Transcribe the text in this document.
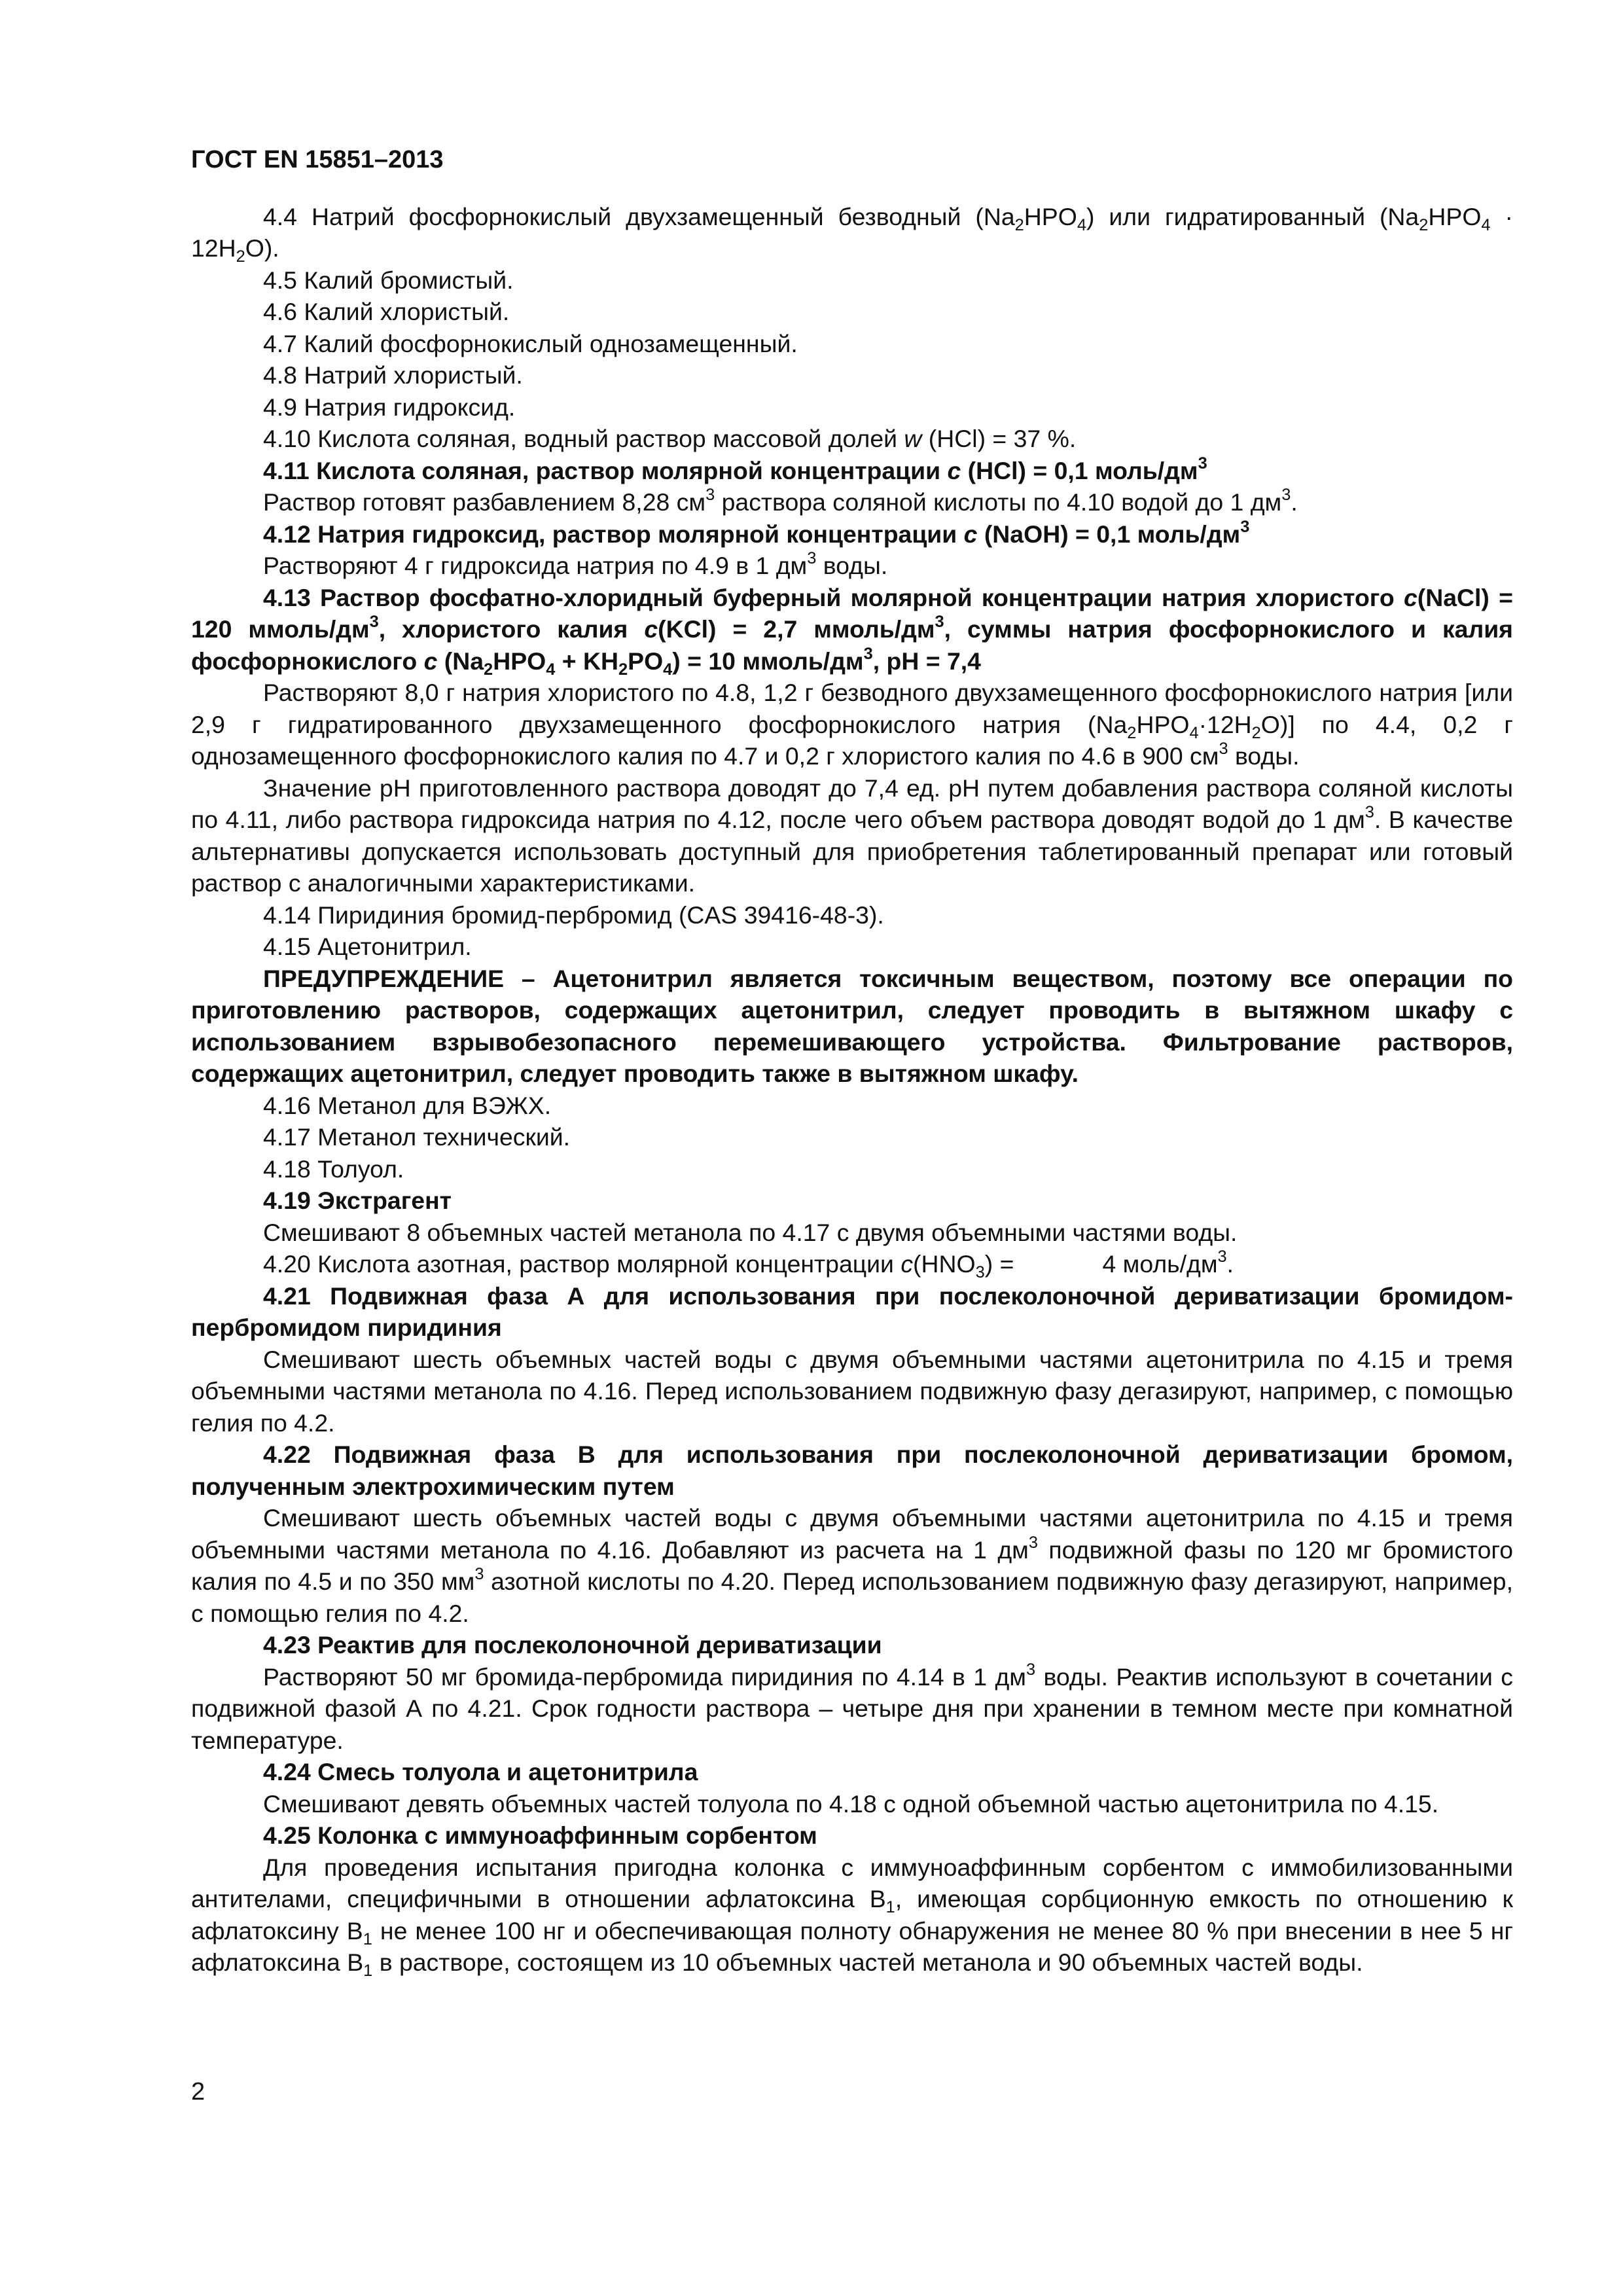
ГОСТ EN 15851–2013

4.4 Натрий фосфорнокислый двухзамещенный безводный $(Na_2HPO_4)$ или гидратированный $(Na_2HPO_4 \cdot 12H_2O)$.

4.5 Калий бромистый.

4.6 Калий хлористый.

4.7 Калий фосфорнокислый однозамещенный.

4.8 Натрий хлористый.

4.9 Натрия гидроксид.

4.10 Кислота соляная, водный раствор массовой долей w (HCl) = 37 %.

4.11 Кислота соляная, раствор молярной концентрации c (HCl) = 0,1 моль/$дм^3$

Раствор готовят разбавлением 8,28 $см^3$ раствора соляной кислоты по 4.10 водой до 1 $дм^3$.

4.12 Натрия гидроксид, раствор молярной концентрации c (NaOH) = 0,1 моль/$дм^3$

Растворяют 4 г гидроксида натрия по 4.9 в 1 $дм^3$ воды.

4.13 Раствор фосфатно-хлоридный буферный молярной концентрации натрия хлористого c(NaCl) = 120 ммоль/$дм^3$, хлористого калия c(KCl) = 2,7 ммоль/$дм^3$, суммы натрия фосфорнокислого и калия фосфорнокислого c $(Na_2HPO_4 + KH_2PO_4) = 10$ ммоль/$дм^3$, pH = 7,4

Растворяют 8,0 г натрия хлористого по 4.8, 1,2 г безводного двухзамещенного фосфорнокислого натрия [или 2,9 г гидратированного двухзамещенного фосфорнокислого натрия $(Na_2HPO_4\cdot 12H_2O)$] по 4.4, 0,2 г однозамещенного фосфорнокислого калия по 4.7 и 0,2 г хлористого калия по 4.6 в 900 $см^3$ воды.

Значение pH приготовленного раствора доводят до 7,4 ед. pH путем добавления раствора соляной кислоты по 4.11, либо раствора гидроксида натрия по 4.12, после чего объем раствора доводят водой до 1 $дм^3$. В качестве альтернативы допускается использовать доступный для приобретения таблетированный препарат или готовый раствор с аналогичными характеристиками.

4.14 Пиридиния бромид-пербромид (CAS 39416-48-3).

4.15 Ацетонитрил.

ПРЕДУПРЕЖДЕНИЕ – Ацетонитрил является токсичным веществом, поэтому все операции по приготовлению растворов, содержащих ацетонитрил, следует проводить в вытяжном шкафу с использованием взрывобезопасного перемешивающего устройства. Фильтрование растворов, содержащих ацетонитрил, следует проводить также в вытяжном шкафу.

4.16 Метанол для ВЭЖХ.

4.17 Метанол технический.

4.18 Толуол.

4.19 Экстрагент

Смешивают 8 объемных частей метанола по 4.17 с двумя объемными частями воды.

4.20 Кислота азотная, раствор молярной концентрации $c(HNO_3)$ =             4 моль/$дм^3$.

4.21 Подвижная фаза А для использования при послеколоночной дериватизации бромидом-пербромидом пиридиния

Смешивают шесть объемных частей воды с двумя объемными частями ацетонитрила по 4.15 и тремя объемными частями метанола по 4.16. Перед использованием подвижную фазу дегазируют, например, с помощью гелия по 4.2.

4.22 Подвижная фаза В для использования при послеколоночной дериватизации бромом, полученным электрохимическим путем

Смешивают шесть объемных частей воды с двумя объемными частями ацетонитрила по 4.15 и тремя объемными частями метанола по 4.16. Добавляют из расчета на 1 $дм^3$ подвижной фазы по 120 мг бромистого калия по 4.5 и по 350 $мм^3$ азотной кислоты по 4.20. Перед использованием подвижную фазу дегазируют, например, с помощью гелия по 4.2.

4.23 Реактив для послеколоночной дериватизации

Растворяют 50 мг бромида-пербромида пиридиния по 4.14 в 1 $дм^3$ воды. Реактив используют в сочетании с подвижной фазой А по 4.21. Срок годности раствора – четыре дня при хранении в темном месте при комнатной температуре.

4.24 Смесь толуола и ацетонитрила

Смешивают девять объемных частей толуола по 4.18 с одной объемной частью ацетонитрила по 4.15.

4.25 Колонка с иммуноаффинным сорбентом

Для проведения испытания пригодна колонка с иммуноаффинным сорбентом с иммобилизованными антителами, специфичными в отношении афлатоксина $B_1$, имеющая сорбционную емкость по отношению к афлатоксину $B_1$ не менее 100 нг и обеспечивающая полноту обнаружения не менее 80 % при внесении в нее 5 нг афлатоксина $B_1$ в растворе, состоящем из 10 объемных частей метанола и 90 объемных частей воды.

2
